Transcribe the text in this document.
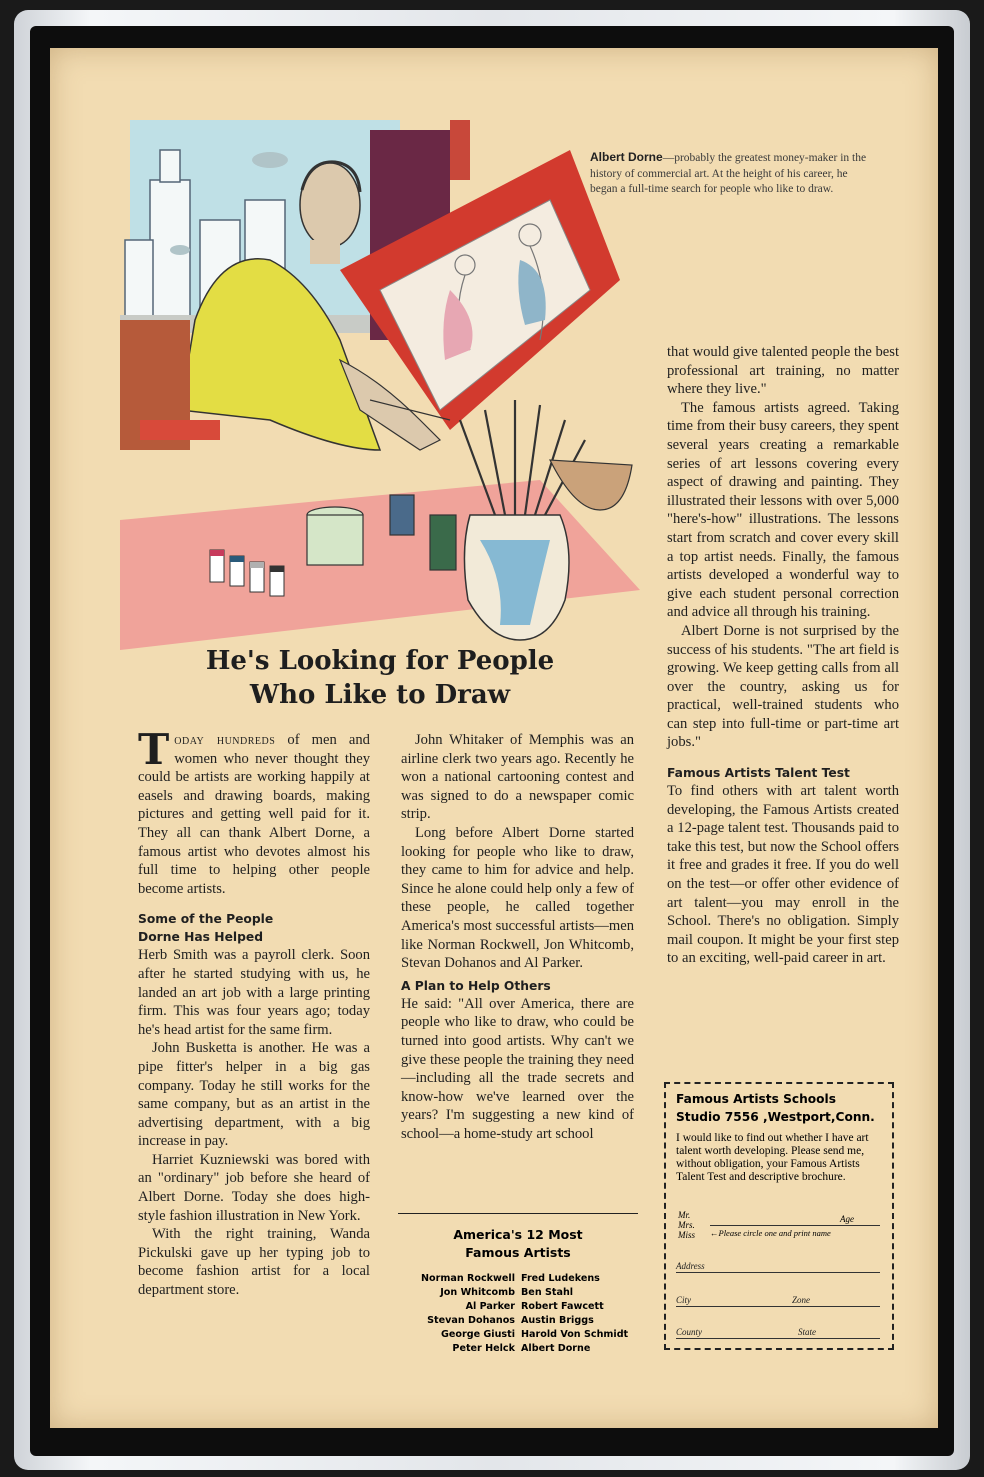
Albert Dorne—probably the greatest money-maker in the history of commercial art. At the height of his career, he began a full-time search for people who like to draw.
He's Looking for People
Who Like to Draw

Today hundreds of men and women who never thought they could be artists are working happily at easels and drawing boards, making pictures and getting well paid for it. They all can thank Albert Dorne, a famous artist who devotes almost his full time to helping other people become artists.

Some of the People
Dorne Has Helped

Herb Smith was a payroll clerk. Soon after he started studying with us, he landed an art job with a large printing firm. This was four years ago; today he's head artist for the same firm.

John Busketta is another. He was a pipe fitter's helper in a big gas company. Today he still works for the same company, but as an artist in the advertising department, with a big increase in pay.

Harriet Kuzniewski was bored with an "ordinary" job before she heard of Albert Dorne. Today she does high-style fashion illustration in New York.

With the right training, Wanda Pickulski gave up her typing job to become fashion artist for a local department store.

John Whitaker of Memphis was an airline clerk two years ago. Recently he won a national cartooning contest and was signed to do a newspaper comic strip.

Long before Albert Dorne started looking for people who like to draw, they came to him for advice and help. Since he alone could help only a few of these people, he called together America's most successful artists—men like Norman Rockwell, Jon Whitcomb, Stevan Dohanos and Al Parker.

A Plan to Help Others

He said: "All over America, there are people who like to draw, who could be turned into good artists. Why can't we give these people the training they need—including all the trade secrets and know-how we've learned over the years? I'm suggesting a new kind of school—a home-study art school

America's 12 Most
Famous Artists
Norman Rockwell Fred Ludekens
Jon Whitcomb Ben Stahl
Al Parker Robert Fawcett
Stevan Dohanos Austin Briggs
George Giusti Harold Von Schmidt
Peter Helck Albert Dorne

that would give talented people the best professional art training, no matter where they live."

The famous artists agreed. Taking time from their busy careers, they spent several years creating a remarkable series of art lessons covering every aspect of drawing and painting. They illustrated their lessons with over 5,000 "here's-how" illustrations. The lessons start from scratch and cover every skill a top artist needs. Finally, the famous artists developed a wonderful way to give each student personal correction and advice all through his training.

Albert Dorne is not surprised by the success of his students. "The art field is growing. We keep getting calls from all over the country, asking us for practical, well-trained students who can step into full-time or part-time art jobs."

Famous Artists Talent Test

To find others with art talent worth developing, the Famous Artists created a 12-page talent test. Thousands paid to take this test, but now the School offers it free and grades it free. If you do well on the test—or offer other evidence of art talent—you may enroll in the School. There's no obligation. Simply mail coupon. It might be your first step to an exciting, well-paid career in art.

Famous Artists Schools
Studio 7556 ,Westport,Conn.
I would like to find out whether I have art talent worth developing. Please send me, without obligation, your Famous Artists Talent Test and descriptive brochure.
Mr.
Mrs.
Miss ←Please circle one and print name
Age
Address
City	Zone
County	State
